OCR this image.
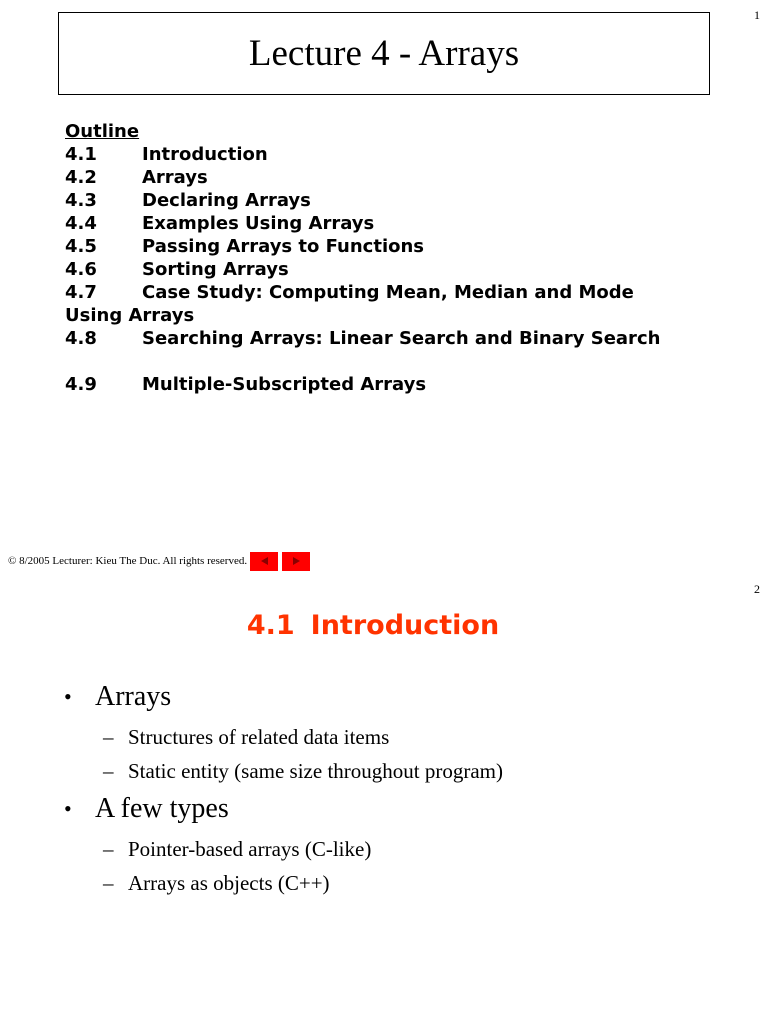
1
Lecture 4 - Arrays
Outline
4.1	Introduction
4.2	Arrays
4.3	Declaring Arrays
4.4	Examples Using Arrays
4.5	Passing Arrays to Functions
4.6	Sorting Arrays
4.7	Case Study: Computing Mean, Median and Mode
Using Arrays
4.8	Searching Arrays: Linear Search and Binary Search
4.9	Multiple-Subscripted Arrays
© 8/2005 Lecturer: Kieu The Duc. All rights reserved.
2
4.1 Introduction
• Arrays
– Structures of related data items
– Static entity (same size throughout program)
• A few types
– Pointer-based arrays (C-like)
– Arrays as objects (C++)
